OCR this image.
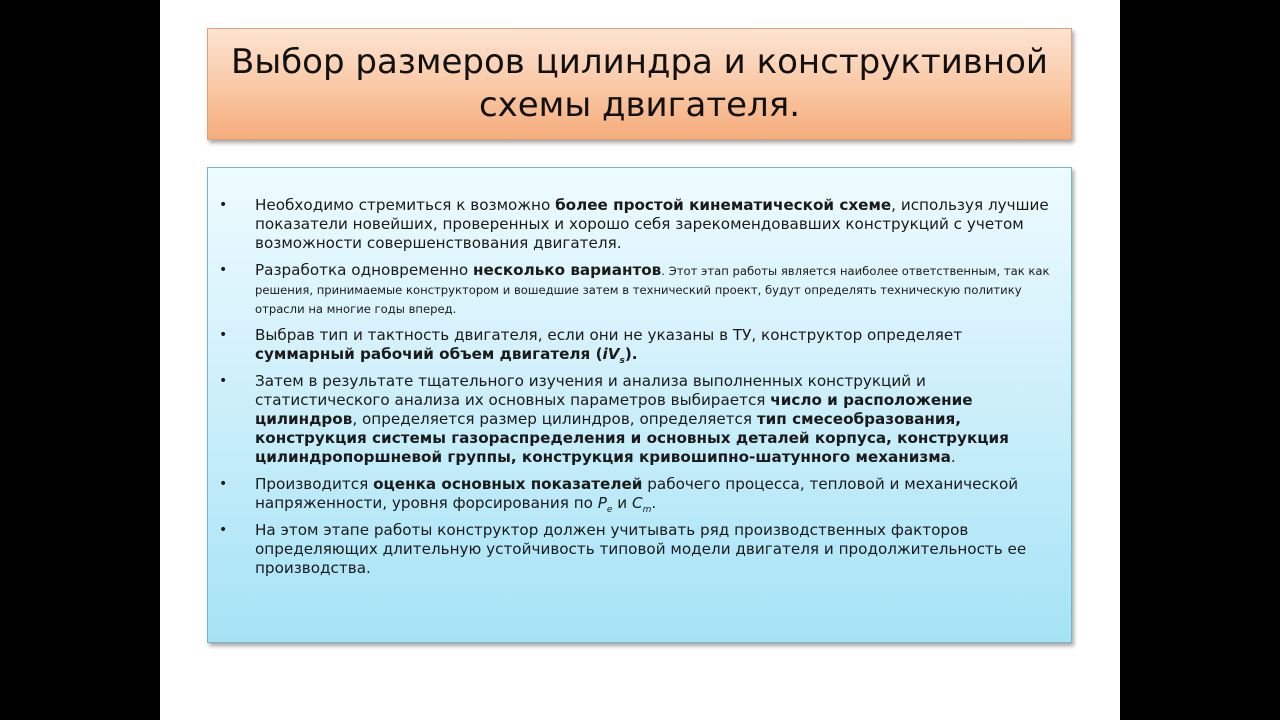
Выбор размеров цилиндра и конструктивной схемы двигателя.
• Необходимо стремиться к возможно более простой кинематической схеме, используя лучшие показатели новейших, проверенных и хорошо себя зарекомендовавших конструкций с учетом возможности совершенствования двигателя.
• Разработка одновременно несколько вариантов. Этот этап работы является наиболее ответственным, так как решения, принимаемые конструктором и вошедшие затем в технический проект, будут определять техническую политику отрасли на многие годы вперед.
• Выбрав тип и тактность двигателя, если они не указаны в ТУ, конструктор определяет суммарный рабочий объем двигателя $(iV_s)$.
• Затем в результате тщательного изучения и анализа выполненных конструкций и статистического анализа их основных параметров выбирается число и расположение цилиндров, определяется размер цилиндров, определяется тип смесеобразования, конструкция системы газораспределения и основных деталей корпуса, конструкция цилиндропоршневой группы, конструкция кривошипно-шатунного механизма.
• Производится оценка основных показателей рабочего процесса, тепловой и механической напряженности, уровня форсирования по $P_e$ и $C_m$.
• На этом этапе работы конструктор должен учитывать ряд производственных факторов определяющих длительную устойчивость типовой модели двигателя и продолжительность ее производства.
